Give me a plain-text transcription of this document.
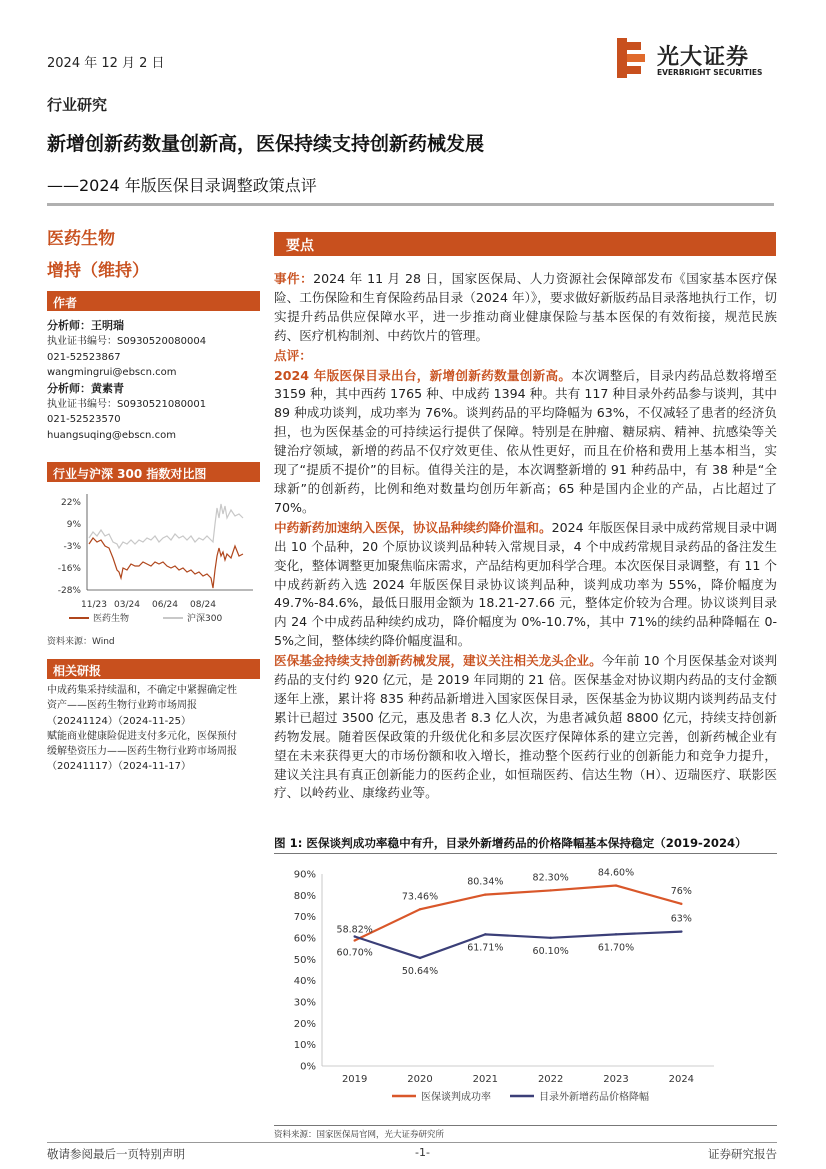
2024 年 12 月 2 日	光大证券
EVERBRIGHT SECURITIES
行业研究
新增创新药数量创新高，医保持续支持创新药械发展
——2024 年版医保目录调整政策点评
医药生物
增持（维持）
作者
分析师：王明瑞
执业证书编号：S0930520080004
021-52523867
wangmingrui@ebscn.com
分析师：黄素青
执业证书编号：S0930521080001
021-52523570
huangsuqing@ebscn.com
行业与沪深 300 指数对比图
22%
9%
-3%
-16%
-28%
11/23 03/24 06/24 08/24
医药生物	沪深300
资料来源：Wind
相关研报
中成药集采持续温和，不确定中紧握确定性
资产——医药生物行业跨市场周报
（20241124）（2024-11-25）
赋能商业健康险促进支付多元化，医保预付
缓解垫资压力——医药生物行业跨市场周报
（20241117）（2024-11-17）
要点

事件：2024 年 11 月 28 日，国家医保局、人力资源社会保障部发布《国家基本医疗保险、工伤保险和生育保险药品目录（2024 年）》，要求做好新版药品目录落地执行工作，切实提升药品供应保障水平，进一步推动商业健康保险与基本医保的有效衔接，规范民族药、医疗机构制剂、中药饮片的管理。

点评：

2024 年版医保目录出台，新增创新药数量创新高。本次调整后，目录内药品总数将增至 3159 种，其中西药 1765 种、中成药 1394 种。共有 117 种目录外药品参与谈判，其中 89 种成功谈判，成功率为 76%。谈判药品的平均降幅为 63%，不仅减轻了患者的经济负担，也为医保基金的可持续运行提供了保障。特别是在肿瘤、糖尿病、精神、抗感染等关键治疗领域，新增的药品不仅疗效更佳、依从性更好，而且在价格和费用上基本相当，实现了“提质不提价”的目标。值得关注的是，本次调整新增的 91 种药品中，有 38 种是“全球新”的创新药，比例和绝对数量均创历年新高；65 种是国内企业的产品，占比超过了 70%。

中药新药加速纳入医保，协议品种续约降价温和。2024 年版医保目录中成药常规目录中调出 10 个品种，20 个原协议谈判品种转入常规目录，4 个中成药常规目录药品的备注发生变化，整体调整更加聚焦临床需求，产品结构更加科学合理。本次医保目录调整，有 11 个中成药新药入选 2024 年版医保目录协议谈判品种，谈判成功率为 55%，降价幅度为 49.7%-84.6%，最低日服用金额为 18.21-27.66 元，整体定价较为合理。协议谈判目录内 24 个中成药品种续约成功，降价幅度为 0%-10.7%，其中 71%的续约品种降幅在 0-5%之间，整体续约降价幅度温和。

医保基金持续支持创新药械发展，建议关注相关龙头企业。今年前 10 个月医保基金对谈判药品的支付约 920 亿元，是 2019 年同期的 21 倍。医保基金对协议期内药品的支付金额逐年上涨，累计将 835 种药品新增进入国家医保目录，医保基金为协议期内谈判药品支付累计已超过 3500 亿元，惠及患者 8.3 亿人次，为患者减负超 8800 亿元，持续支持创新药物发展。随着医保政策的升级优化和多层次医疗保障体系的建立完善，创新药械企业有望在未来获得更大的市场份额和收入增长，推动整个医药行业的创新能力和竞争力提升，建议关注具有真正创新能力的医药企业，如恒瑞医药、信达生物（H）、迈瑞医疗、联影医疗、以岭药业、康缘药业等。

图 1: 医保谈判成功率稳中有升，目录外新增药品的价格降幅基本保持稳定（2019-2024）
0%
10%
20%
30%
40%
50%
60%
70%
80%
90%
2019	2020	2021	2022	2023	2024
58.82%
73.46%
80.34%	82.30%	84.60%
76%
60.70%
50.64%
61.71%	60.10%	61.70%
63%
医保谈判成功率	目录外新增药品价格降幅
资料来源：国家医保局官网，光大证券研究所
敬请参阅最后一页特别声明	-1-	证券研究报告
